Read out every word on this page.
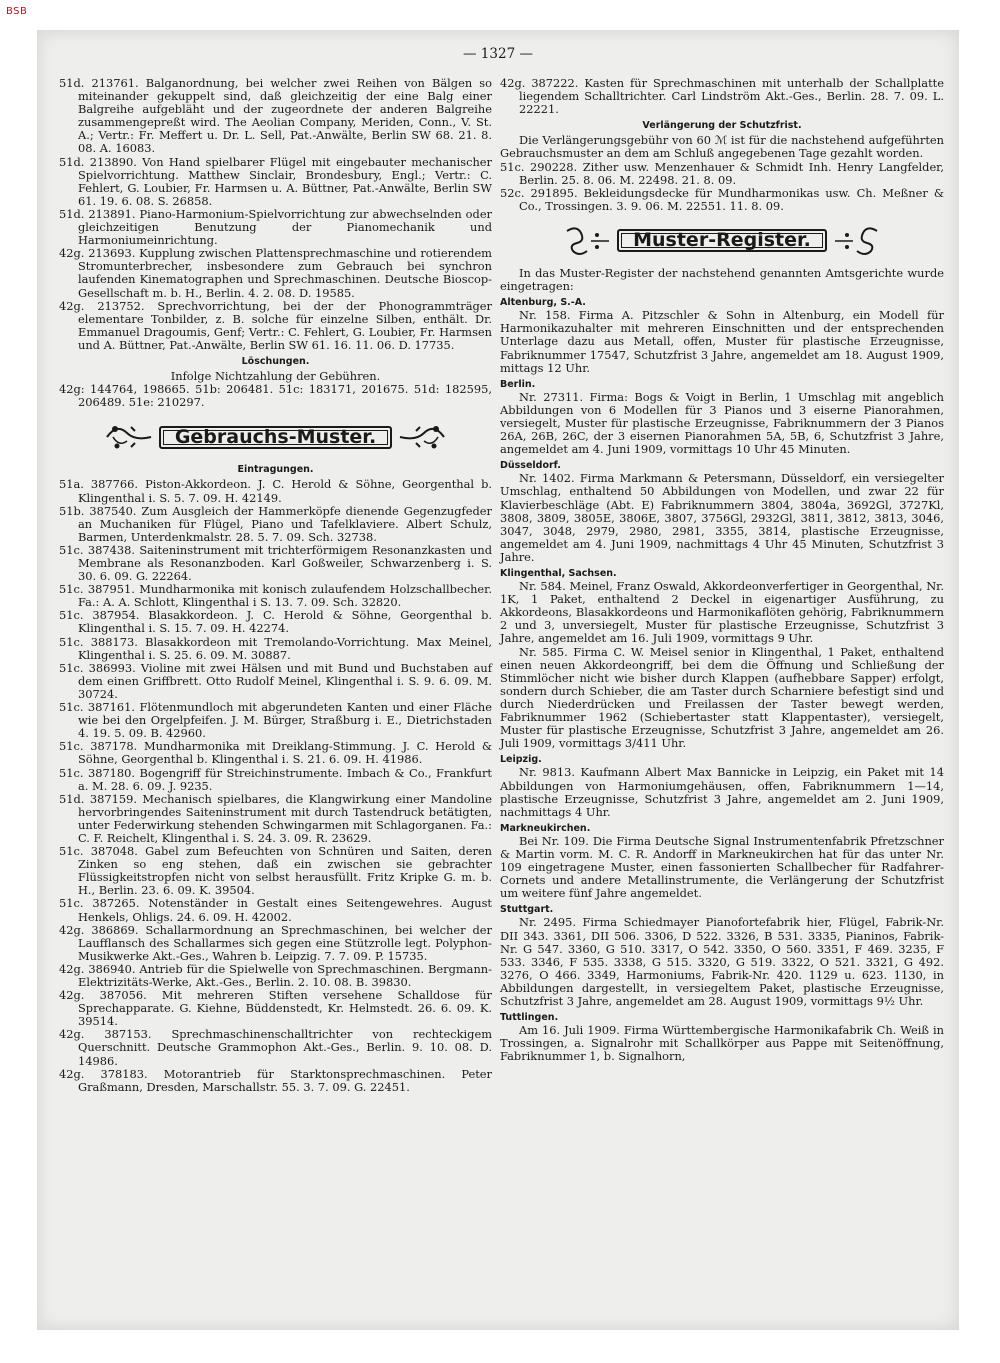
BSB
— 1327 —

51d. 213761. Balganordnung, bei welcher zwei Reihen von Bälgen so miteinander gekuppelt sind, daß gleichzeitig der eine Balg einer Balgreihe aufgebläht und der zugeordnete der anderen Balgreihe zusammengepreßt wird. The Aeolian Company, Meriden, Conn., V. St. A.; Vertr.: Fr. Meffert u. Dr. L. Sell, Pat.-Anwälte, Berlin SW 68. 21. 8. 08. A. 16083.

51d. 213890. Von Hand spielbarer Flügel mit eingebauter mechanischer Spielvorrichtung. Matthew Sinclair, Brondesbury, Engl.; Vertr.: C. Fehlert, G. Loubier, Fr. Harmsen u. A. Büttner, Pat.-Anwälte, Berlin SW 61. 19. 6. 08. S. 26858.

51d. 213891. Piano-Harmonium-Spielvorrichtung zur abwechselnden oder gleichzeitigen Benutzung der Pianomechanik und Harmoniumeinrichtung.

42g. 213693. Kupplung zwischen Plattensprechmaschine und rotierendem Stromunterbrecher, insbesondere zum Gebrauch bei synchron laufenden Kinematographen und Sprechmaschinen. Deutsche Bioscop-Gesellschaft m. b. H., Berlin. 4. 2. 08. D. 19585.

42g. 213752. Sprechvorrichtung, bei der der Phonogrammträger elementare Tonbilder, z. B. solche für einzelne Silben, enthält. Dr. Emmanuel Dragoumis, Genf; Vertr.: C. Fehlert, G. Loubier, Fr. Harmsen und A. Büttner, Pat.-Anwälte, Berlin SW 61. 16. 11. 06. D. 17735.

Löschungen.

Infolge Nichtzahlung der Gebühren.

42g: 144764, 198665. 51b: 206481. 51c: 183171, 201675. 51d: 182595, 206489. 51e: 210297.

Gebrauchs-Muster.
Eintragungen.

51a. 387766. Piston-Akkordeon. J. C. Herold & Söhne, Georgenthal b. Klingenthal i. S. 5. 7. 09. H. 42149.

51b. 387540. Zum Ausgleich der Hammerköpfe dienende Gegenzugfeder an Muchaniken für Flügel, Piano und Tafelklaviere. Albert Schulz, Barmen, Unterdenkmalstr. 28. 5. 7. 09. Sch. 32738.

51c. 387438. Saiteninstrument mit trichterförmigem Resonanzkasten und Membrane als Resonanzboden. Karl Goßweiler, Schwarzenberg i. S. 30. 6. 09. G. 22264.

51c. 387951. Mundharmonika mit konisch zulaufendem Holzschallbecher. Fa.: A. A. Schlott, Klingenthal i S. 13. 7. 09. Sch. 32820.

51c. 387954. Blasakkordeon. J. C. Herold & Söhne, Georgenthal b. Klingenthal i. S. 15. 7. 09. H. 42274.

51c. 388173. Blasakkordeon mit Tremolando-Vorrichtung. Max Meinel, Klingenthal i. S. 25. 6. 09. M. 30887.

51c. 386993. Violine mit zwei Hälsen und mit Bund und Buchstaben auf dem einen Griffbrett. Otto Rudolf Meinel, Klingenthal i. S. 9. 6. 09. M. 30724.

51c. 387161. Flötenmundloch mit abgerundeten Kanten und einer Fläche wie bei den Orgelpfeifen. J. M. Bürger, Straßburg i. E., Dietrichstaden 4. 19. 5. 09. B. 42960.

51c. 387178. Mundharmonika mit Dreiklang-Stimmung. J. C. Herold & Söhne, Georgenthal b. Klingenthal i. S. 21. 6. 09. H. 41986.

51c. 387180. Bogengriff für Streichinstrumente. Imbach & Co., Frankfurt a. M. 28. 6. 09. J. 9235.

51d. 387159. Mechanisch spielbares, die Klangwirkung einer Mandoline hervorbringendes Saiteninstrument mit durch Tastendruck betätigten, unter Federwirkung stehenden Schwingarmen mit Schlagorganen. Fa.: C. F. Reichelt, Klingenthal i. S. 24. 3. 09. R. 23629.

51c. 387048. Gabel zum Befeuchten von Schnüren und Saiten, deren Zinken so eng stehen, daß ein zwischen sie gebrachter Flüssigkeitstropfen nicht von selbst herausfüllt. Fritz Kripke G. m. b. H., Berlin. 23. 6. 09. K. 39504.

51c. 387265. Notenständer in Gestalt eines Seitengewehres. August Henkels, Ohligs. 24. 6. 09. H. 42002.

42g. 386869. Schallarmordnung an Sprechmaschinen, bei welcher der Laufflansch des Schallarmes sich gegen eine Stützrolle legt. Polyphon-Musikwerke Akt.-Ges., Wahren b. Leipzig. 7. 7. 09. P. 15735.

42g. 386940. Antrieb für die Spielwelle von Sprechmaschinen. Bergmann-Elektrizitäts-Werke, Akt.-Ges., Berlin. 2. 10. 08. B. 39830.

42g. 387056. Mit mehreren Stiften versehene Schalldose für Sprechapparate. G. Kiehne, Büddenstedt, Kr. Helmstedt. 26. 6. 09. K. 39514.

42g. 387153. Sprechmaschinenschalltrichter von rechteckigem Querschnitt. Deutsche Grammophon Akt.-Ges., Berlin. 9. 10. 08. D. 14986.

42g. 378183. Motorantrieb für Starktonsprechmaschinen. Peter Graßmann, Dresden, Marschallstr. 55. 3. 7. 09. G. 22451.

42g. 387222. Kasten für Sprechmaschinen mit unterhalb der Schallplatte liegendem Schalltrichter. Carl Lindström Akt.-Ges., Berlin. 28. 7. 09. L. 22221.

Verlängerung der Schutzfrist.

Die Verlängerungsgebühr von 60 ℳ ist für die nachstehend aufgeführten Gebrauchsmuster an dem am Schluß angegebenen Tage gezahlt worden.

51c. 290228. Zither usw. Menzenhauer & Schmidt Inh. Henry Langfelder, Berlin. 25. 8. 06. M. 22498. 21. 8. 09.

52c. 291895. Bekleidungsdecke für Mundharmonikas usw. Ch. Meßner & Co., Trossingen. 3. 9. 06. M. 22551. 11. 8. 09.

Muster-Register.

In das Muster-Register der nachstehend genannten Amtsgerichte wurde eingetragen:

Altenburg, S.-A.

Nr. 158. Firma A. Pitzschler & Sohn in Altenburg, ein Modell für Harmonikazuhalter mit mehreren Einschnitten und der entsprechenden Unterlage dazu aus Metall, offen, Muster für plastische Erzeugnisse, Fabriknummer 17547, Schutzfrist 3 Jahre, angemeldet am 18. August 1909, mittags 12 Uhr.

Berlin.

Nr. 27311. Firma: Bogs & Voigt in Berlin, 1 Umschlag mit angeblich Abbildungen von 6 Modellen für 3 Pianos und 3 eiserne Pianorahmen, versiegelt, Muster für plastische Erzeugnisse, Fabriknummern der 3 Pianos 26A, 26B, 26C, der 3 eisernen Pianorahmen 5A, 5B, 6, Schutzfrist 3 Jahre, angemeldet am 4. Juni 1909, vormittags 10 Uhr 45 Minuten.

Düsseldorf.

Nr. 1402. Firma Markmann & Petersmann, Düsseldorf, ein versiegelter Umschlag, enthaltend 50 Abbildungen von Modellen, und zwar 22 für Klavierbeschläge (Abt. E) Fabriknummern 3804, 3804a, 3692Gl, 3727Kl, 3808, 3809, 3805E, 3806E, 3807, 3756Gl, 2932Gl, 3811, 3812, 3813, 3046, 3047, 3048, 2979, 2980, 2981, 3355, 3814, plastische Erzeugnisse, angemeldet am 4. Juni 1909, nachmittags 4 Uhr 45 Minuten, Schutzfrist 3 Jahre.

Klingenthal, Sachsen.

Nr. 584. Meinel, Franz Oswald, Akkordeonverfertiger in Georgenthal, Nr. 1K, 1 Paket, enthaltend 2 Deckel in eigenartiger Ausführung, zu Akkordeons, Blasakkordeons und Harmonikaflöten gehörig, Fabriknummern 2 und 3, unversiegelt, Muster für plastische Erzeugnisse, Schutzfrist 3 Jahre, angemeldet am 16. Juli 1909, vormittags 9 Uhr.

Nr. 585. Firma C. W. Meisel senior in Klingenthal, 1 Paket, enthaltend einen neuen Akkordeongriff, bei dem die Öffnung und Schließung der Stimmlöcher nicht wie bisher durch Klappen (aufhebbare Sapper) erfolgt, sondern durch Schieber, die am Taster durch Scharniere befestigt sind und durch Niederdrücken und Freilassen der Taster bewegt werden, Fabriknummer 1962 (Schiebertaster statt Klappentaster), versiegelt, Muster für plastische Erzeugnisse, Schutzfrist 3 Jahre, angemeldet am 26. Juli 1909, vormittags 3/411 Uhr.

Leipzig.

Nr. 9813. Kaufmann Albert Max Bannicke in Leipzig, ein Paket mit 14 Abbildungen von Harmoniumgehäusen, offen, Fabriknummern 1—14, plastische Erzeugnisse, Schutzfrist 3 Jahre, angemeldet am 2. Juni 1909, nachmittags 4 Uhr.

Markneukirchen.

Bei Nr. 109. Die Firma Deutsche Signal Instrumentenfabrik Pfretzschner & Martin vorm. M. C. R. Andorff in Markneukirchen hat für das unter Nr. 109 eingetragene Muster, einen fassonierten Schallbecher für Radfahrer-Cornets und andere Metallinstrumente, die Verlängerung der Schutzfrist um weitere fünf Jahre angemeldet.

Stuttgart.

Nr. 2495. Firma Schiedmayer Pianofortefabrik hier, Flügel, Fabrik-Nr. DII 343. 3361, DII 506. 3306, D 522. 3326, B 531. 3335, Pianinos, Fabrik-Nr. G 547. 3360, G 510. 3317, O 542. 3350, O 560. 3351, F 469. 3235, F 533. 3346, F 535. 3338, G 515. 3320, G 519. 3322, O 521. 3321, G 492. 3276, O 466. 3349, Harmoniums, Fabrik-Nr. 420. 1129 u. 623. 1130, in Abbildungen dargestellt, in versiegeltem Paket, plastische Erzeugnisse, Schutzfrist 3 Jahre, angemeldet am 28. August 1909, vormittags 9½ Uhr.

Tuttlingen.

Am 16. Juli 1909. Firma Württembergische Harmonikafabrik Ch. Weiß in Trossingen, a. Signalrohr mit Schallkörper aus Pappe mit Seitenöffnung, Fabriknummer 1, b. Signalhorn,
